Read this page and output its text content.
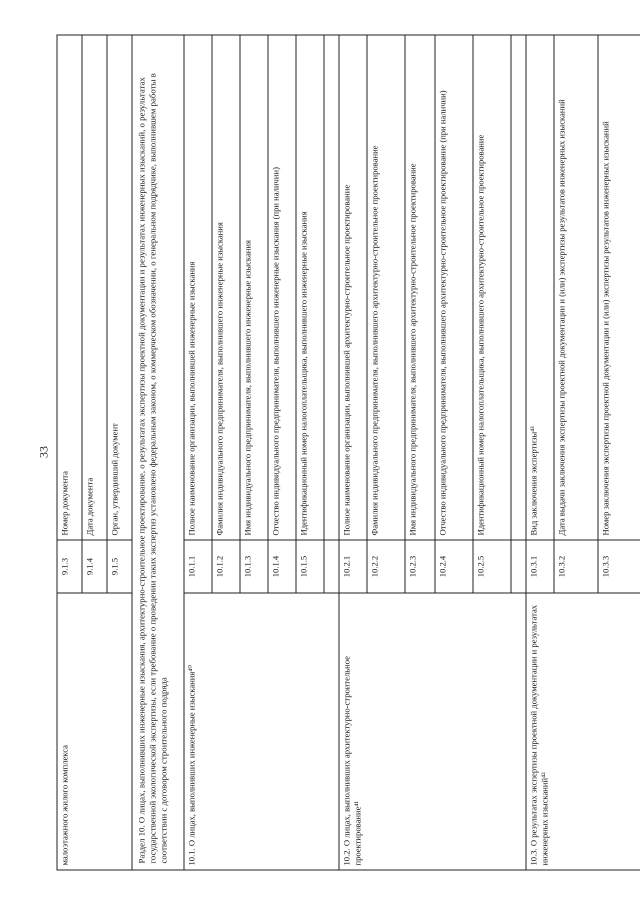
33
малоэтажного жилого комплекса	9.1.3	Номер документа
	9.1.4	Дата документа
	9.1.5	Орган, утвердивший документ
Раздел 10. О лицах, выполнивших инженерные изыскания, архитектурно-строительное проектирование, о результатах экспертизы проектной документации и результатах инженерных изысканий, о результатах государственной экологической экспертизы, если требование о проведении таких экспертиз установлено федеральным законом, о коммерческом обозначении, о генеральном подрядчике, выполнившем работы в соответствии с договором строительного подряда		
10.1. О лицах, выполнивших инженерные изыскания⁴⁰	10.1.1	Полное наименование организации, выполнившей инженерные изыскания
	10.1.2	Фамилия индивидуального предпринимателя, выполнившего инженерные изыскания
	10.1.3	Имя индивидуального предпринимателя, выполнившего инженерные изыскания
	10.1.4	Отчество индивидуального предпринимателя, выполнившего инженерные изыскания (при наличии)
	10.1.5	Идентификационный номер налогоплательщика, выполнившего инженерные изыскания

10.2. О лицах, выполнивших архитектурно-строительное проектирование⁴¹	10.2.1	Полное наименование организации, выполнившей архитектурно-строительное проектирование
	10.2.2	Фамилия индивидуального предпринимателя, выполнившего архитектурно-строительное проектирование
	10.2.3	Имя индивидуального предпринимателя, выполнившего архитектурно-строительное проектирование
	10.2.4	Отчество индивидуального предпринимателя, выполнившего архитектурно-строительное проектирование (при наличии)
	10.2.5	Идентификационный номер налогоплательщика, выполнившего архитектурно-строительное проектирование

10.3. О результатах экспертизы проектной документации и результатах инженерных изысканий⁴²	10.3.1	Вид заключения экспертизы⁴³
	10.3.2	Дата выдачи заключения экспертизы проектной документации и (или) экспертизы результатов инженерных изысканий
	10.3.3	Номер заключения экспертизы проектной документации и (или) экспертизы результатов инженерных изысканий
